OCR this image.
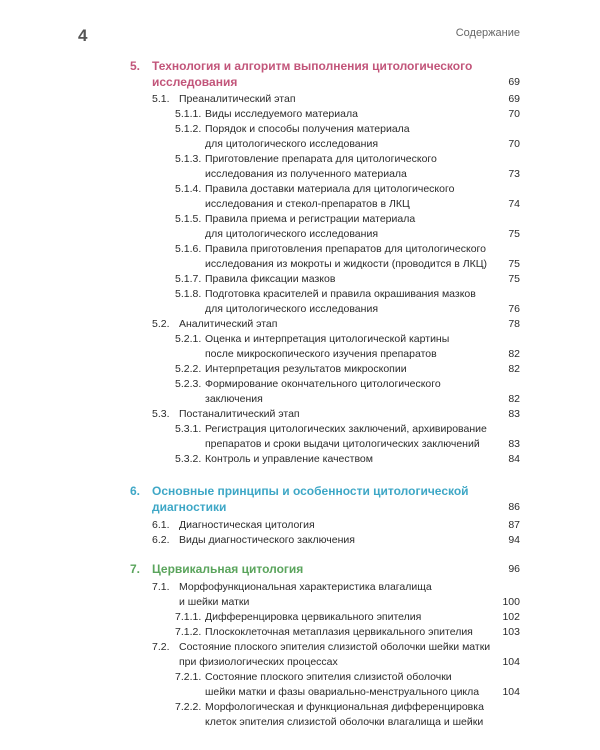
4	Содержание
5. Технология и алгоритм выполнения цитологического
исследования	69
5.1. Преаналитический этап	69
5.1.1. Виды исследуемого материала	70
5.1.2. Порядок и способы получения материала
для цитологического исследования	70
5.1.3. Приготовление препарата для цитологического
исследования из полученного материала	73
5.1.4. Правила доставки материала для цитологического
исследования и стекол-препаратов в ЛКЦ	74
5.1.5. Правила приема и регистрации материала
для цитологического исследования	75
5.1.6. Правила приготовления препаратов для цитологического
исследования из мокроты и жидкости (проводится в ЛКЦ) 75
5.1.7. Правила фиксации мазков	75
5.1.8. Подготовка красителей и правила окрашивания мазков
для цитологического исследования	76
5.2. Аналитический этап	78
5.2.1. Оценка и интерпретация цитологической картины
после микроскопического изучения препаратов	82
5.2.2. Интерпретация результатов микроскопии	82
5.2.3. Формирование окончательного цитологического
заключения	82
5.3. Постаналитический этап	83
5.3.1. Регистрация цитологических заключений, архивирование
препаратов и сроки выдачи цитологических заключений	83
5.3.2. Контроль и управление качеством	84
6. Основные принципы и особенности цитологической
диагностики	86
6.1. Диагностическая цитология	87
6.2. Виды диагностического заключения	94
7. Цервикальная цитология	96
7.1. Морфофункциональная характеристика влагалища
и шейки матки	100
7.1.1. Дифференцировка цервикального эпителия	102
7.1.2. Плоскоклеточная метаплазия цервикального эпителия	103
7.2. Состояние плоского эпителия слизистой оболочки шейки матки
при физиологических процессах	104
7.2.1. Состояние плоского эпителия слизистой оболочки
шейки матки и фазы овариально-менструального цикла 104
7.2.2. Морфологическая и функциональная дифференцировка
клеток эпителия слизистой оболочки влагалища и шейки
